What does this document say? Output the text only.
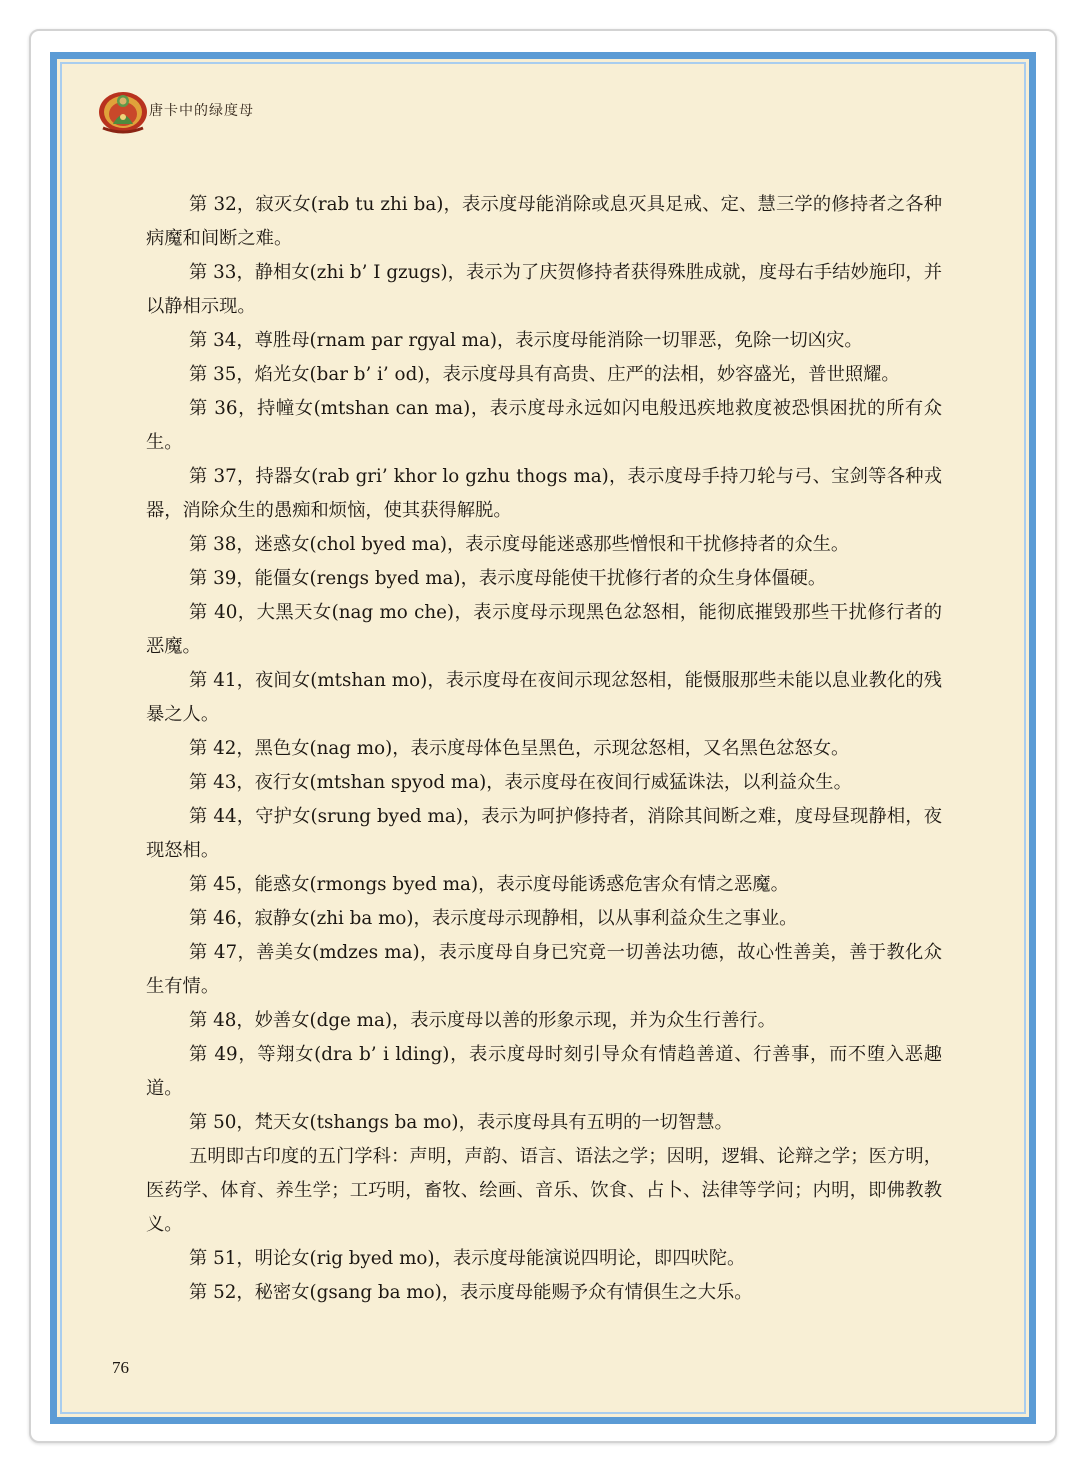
唐卡中的绿度母

第 32，寂灭女(rab tu zhi ba)，表示度母能消除或息灭具足戒、定、慧三学的修持者之各种病魔和间断之难。

第 33，静相女(zhi b’ I gzugs)，表示为了庆贺修持者获得殊胜成就，度母右手结妙施印，并以静相示现。

第 34，尊胜母(rnam par rgyal ma)，表示度母能消除一切罪恶，免除一切凶灾。

第 35，焰光女(bar b’ i’ od)，表示度母具有高贵、庄严的法相，妙容盛光，普世照耀。

第 36，持幢女(mtshan can ma)，表示度母永远如闪电般迅疾地救度被恐惧困扰的所有众生。

第 37，持器女(rab gri’ khor lo gzhu thogs ma)，表示度母手持刀轮与弓、宝剑等各种戎器，消除众生的愚痴和烦恼，使其获得解脱。

第 38，迷惑女(chol byed ma)，表示度母能迷惑那些憎恨和干扰修持者的众生。

第 39，能僵女(rengs byed ma)，表示度母能使干扰修行者的众生身体僵硬。

第 40，大黑天女(nag mo che)，表示度母示现黑色忿怒相，能彻底摧毁那些干扰修行者的恶魔。

第 41，夜间女(mtshan mo)，表示度母在夜间示现忿怒相，能慑服那些未能以息业教化的残暴之人。

第 42，黑色女(nag mo)，表示度母体色呈黑色，示现忿怒相，又名黑色忿怒女。

第 43，夜行女(mtshan spyod ma)，表示度母在夜间行威猛诛法，以利益众生。

第 44，守护女(srung byed ma)，表示为呵护修持者，消除其间断之难，度母昼现静相，夜现怒相。

第 45，能惑女(rmongs byed ma)，表示度母能诱惑危害众有情之恶魔。

第 46，寂静女(zhi ba mo)，表示度母示现静相，以从事利益众生之事业。

第 47，善美女(mdzes ma)，表示度母自身已究竟一切善法功德，故心性善美，善于教化众生有情。

第 48，妙善女(dge ma)，表示度母以善的形象示现，并为众生行善行。

第 49，等翔女(dra b’ i lding)，表示度母时刻引导众有情趋善道、行善事，而不堕入恶趣道。

第 50，梵天女(tshangs ba mo)，表示度母具有五明的一切智慧。

五明即古印度的五门学科：声明，声韵、语言、语法之学；因明，逻辑、论辩之学；医方明，医药学、体育、养生学；工巧明，畜牧、绘画、音乐、饮食、占卜、法律等学问；内明，即佛教教义。

第 51，明论女(rig byed mo)，表示度母能演说四明论，即四吠陀。

第 52，秘密女(gsang ba mo)，表示度母能赐予众有情俱生之大乐。

76
